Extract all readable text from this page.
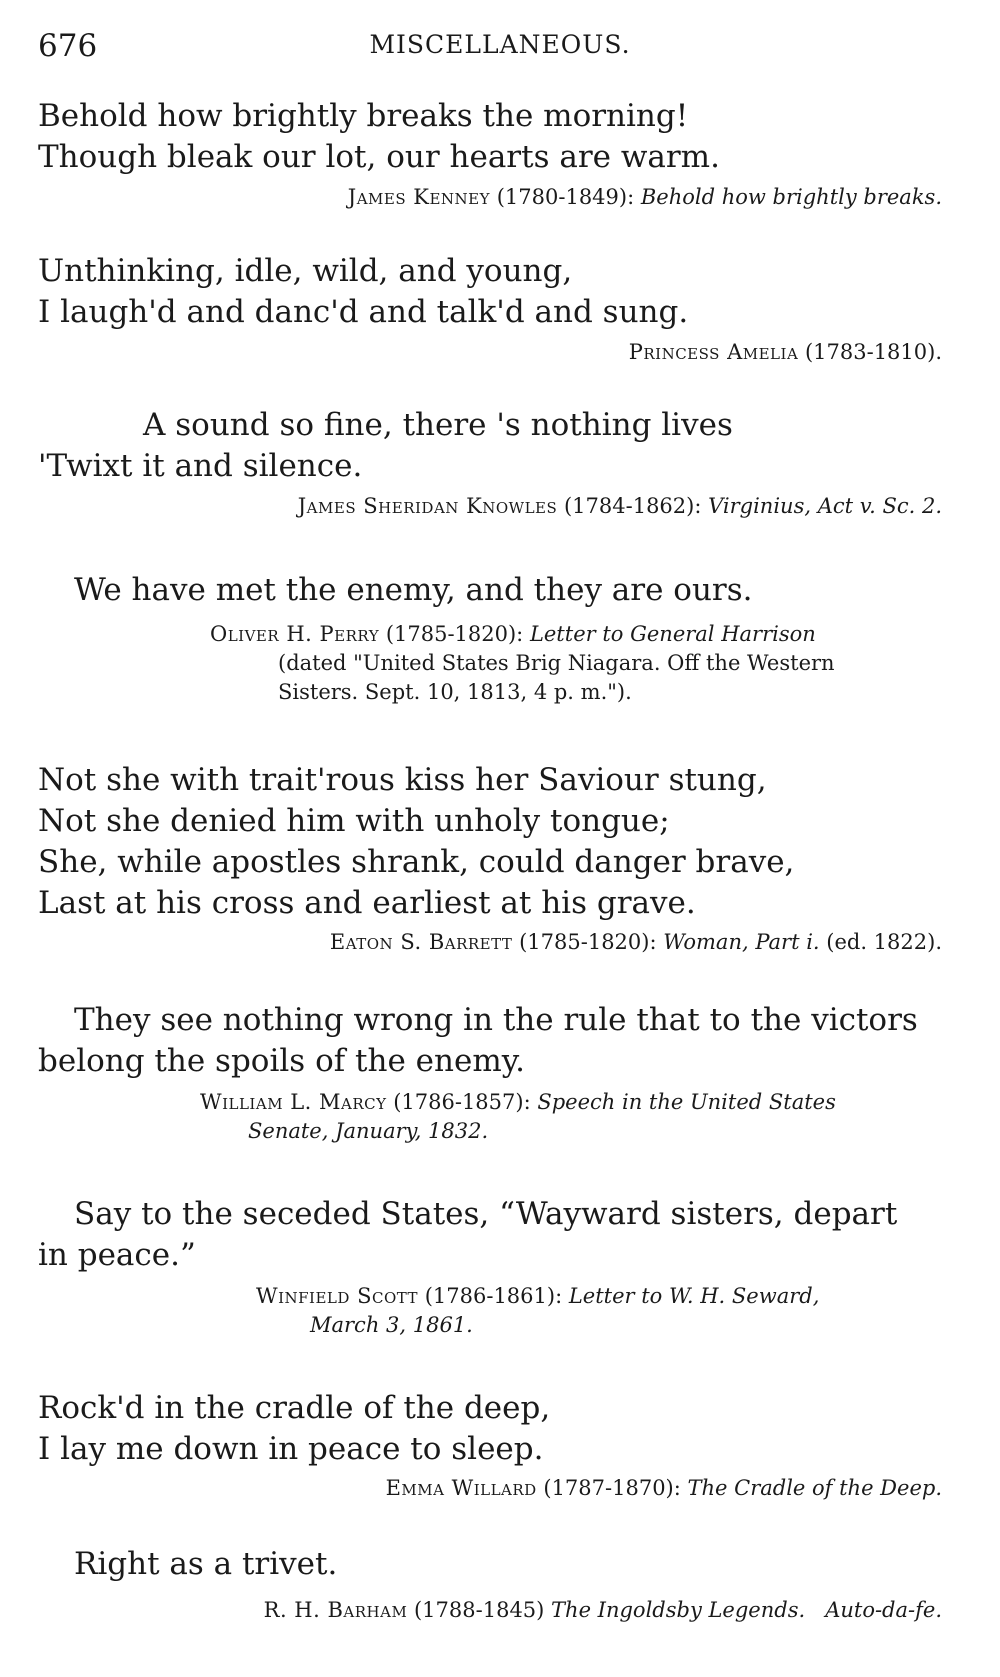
676	MISCELLANEOUS.
Behold how brightly breaks the morning!
Though bleak our lot, our hearts are warm.
James Kenney (1780-1849): Behold how brightly breaks.
Unthinking, idle, wild, and young,
I laugh'd and danc'd and talk'd and sung.
Princess Amelia (1783-1810).
A sound so fine, there 's nothing lives
'Twixt it and silence.
James Sheridan Knowles (1784-1862): Virginius, Act v. Sc. 2.
We have met the enemy, and they are ours.
Oliver H. Perry (1785-1820): Letter to General Harrison
(dated "United States Brig Niagara. Off the Western
Sisters. Sept. 10, 1813, 4 p. m.").
Not she with trait'rous kiss her Saviour stung,
Not she denied him with unholy tongue;
She, while apostles shrank, could danger brave,
Last at his cross and earliest at his grave.
Eaton S. Barrett (1785-1820): Woman, Part i. (ed. 1822).
They see nothing wrong in the rule that to the victors
belong the spoils of the enemy.
William L. Marcy (1786-1857): Speech in the United States
Senate, January, 1832.
Say to the seceded States, “Wayward sisters, depart
in peace.”
Winfield Scott (1786-1861): Letter to W. H. Seward,
March 3, 1861.
Rock'd in the cradle of the deep,
I lay me down in peace to sleep.
Emma Willard (1787-1870): The Cradle of the Deep.
Right as a trivet.
R. H. Barham (1788-1845) The Ingoldsby Legends. Auto-da-fe.
